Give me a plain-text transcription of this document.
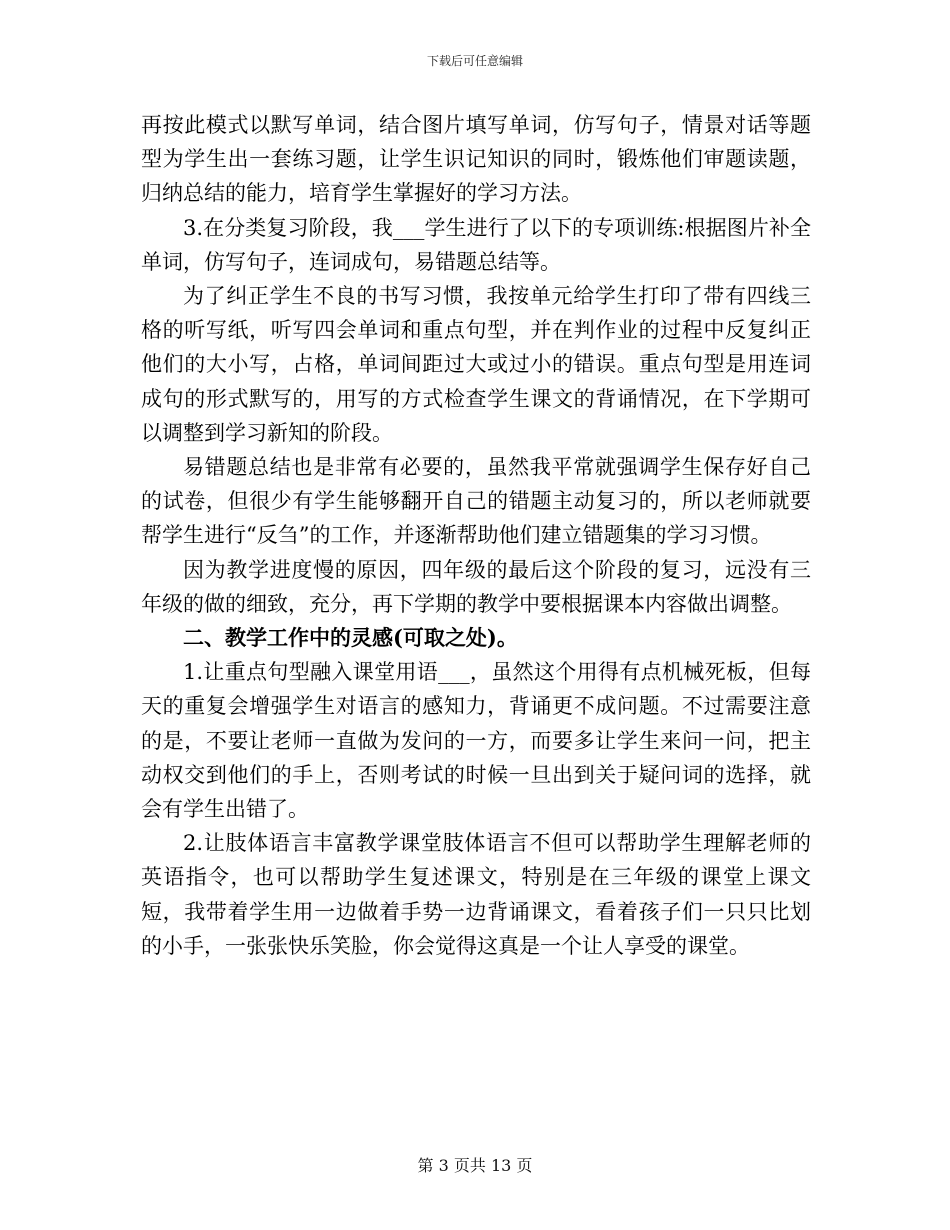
下载后可任意编辑

再按此模式以默写单词，结合图片填写单词，仿写句子，情景对话等题型为学生出一套练习题，让学生识记知识的同时，锻炼他们审题读题，归纳总结的能力，培育学生掌握好的学习方法。

3.在分类复习阶段，我___学生进行了以下的专项训练:根据图片补全单词，仿写句子，连词成句，易错题总结等。

为了纠正学生不良的书写习惯，我按单元给学生打印了带有四线三格的听写纸，听写四会单词和重点句型，并在判作业的过程中反复纠正他们的大小写，占格，单词间距过大或过小的错误。重点句型是用连词成句的形式默写的，用写的方式检查学生课文的背诵情况，在下学期可以调整到学习新知的阶段。

易错题总结也是非常有必要的，虽然我平常就强调学生保存好自己的试卷，但很少有学生能够翻开自己的错题主动复习的，所以老师就要帮学生进行“反刍”的工作，并逐渐帮助他们建立错题集的学习习惯。

因为教学进度慢的原因，四年级的最后这个阶段的复习，远没有三年级的做的细致，充分，再下学期的教学中要根据课本内容做出调整。

二、教学工作中的灵感(可取之处)。

1.让重点句型融入课堂用语___，虽然这个用得有点机械死板，但每天的重复会增强学生对语言的感知力，背诵更不成问题。不过需要注意的是，不要让老师一直做为发问的一方，而要多让学生来问一问，把主动权交到他们的手上，否则考试的时候一旦出到关于疑问词的选择，就会有学生出错了。

2.让肢体语言丰富教学课堂肢体语言不但可以帮助学生理解老师的英语指令，也可以帮助学生复述课文，特别是在三年级的课堂上课文短，我带着学生用一边做着手势一边背诵课文，看着孩子们一只只比划的小手，一张张快乐笑脸，你会觉得这真是一个让人享受的课堂。

第 3 页共 13 页
